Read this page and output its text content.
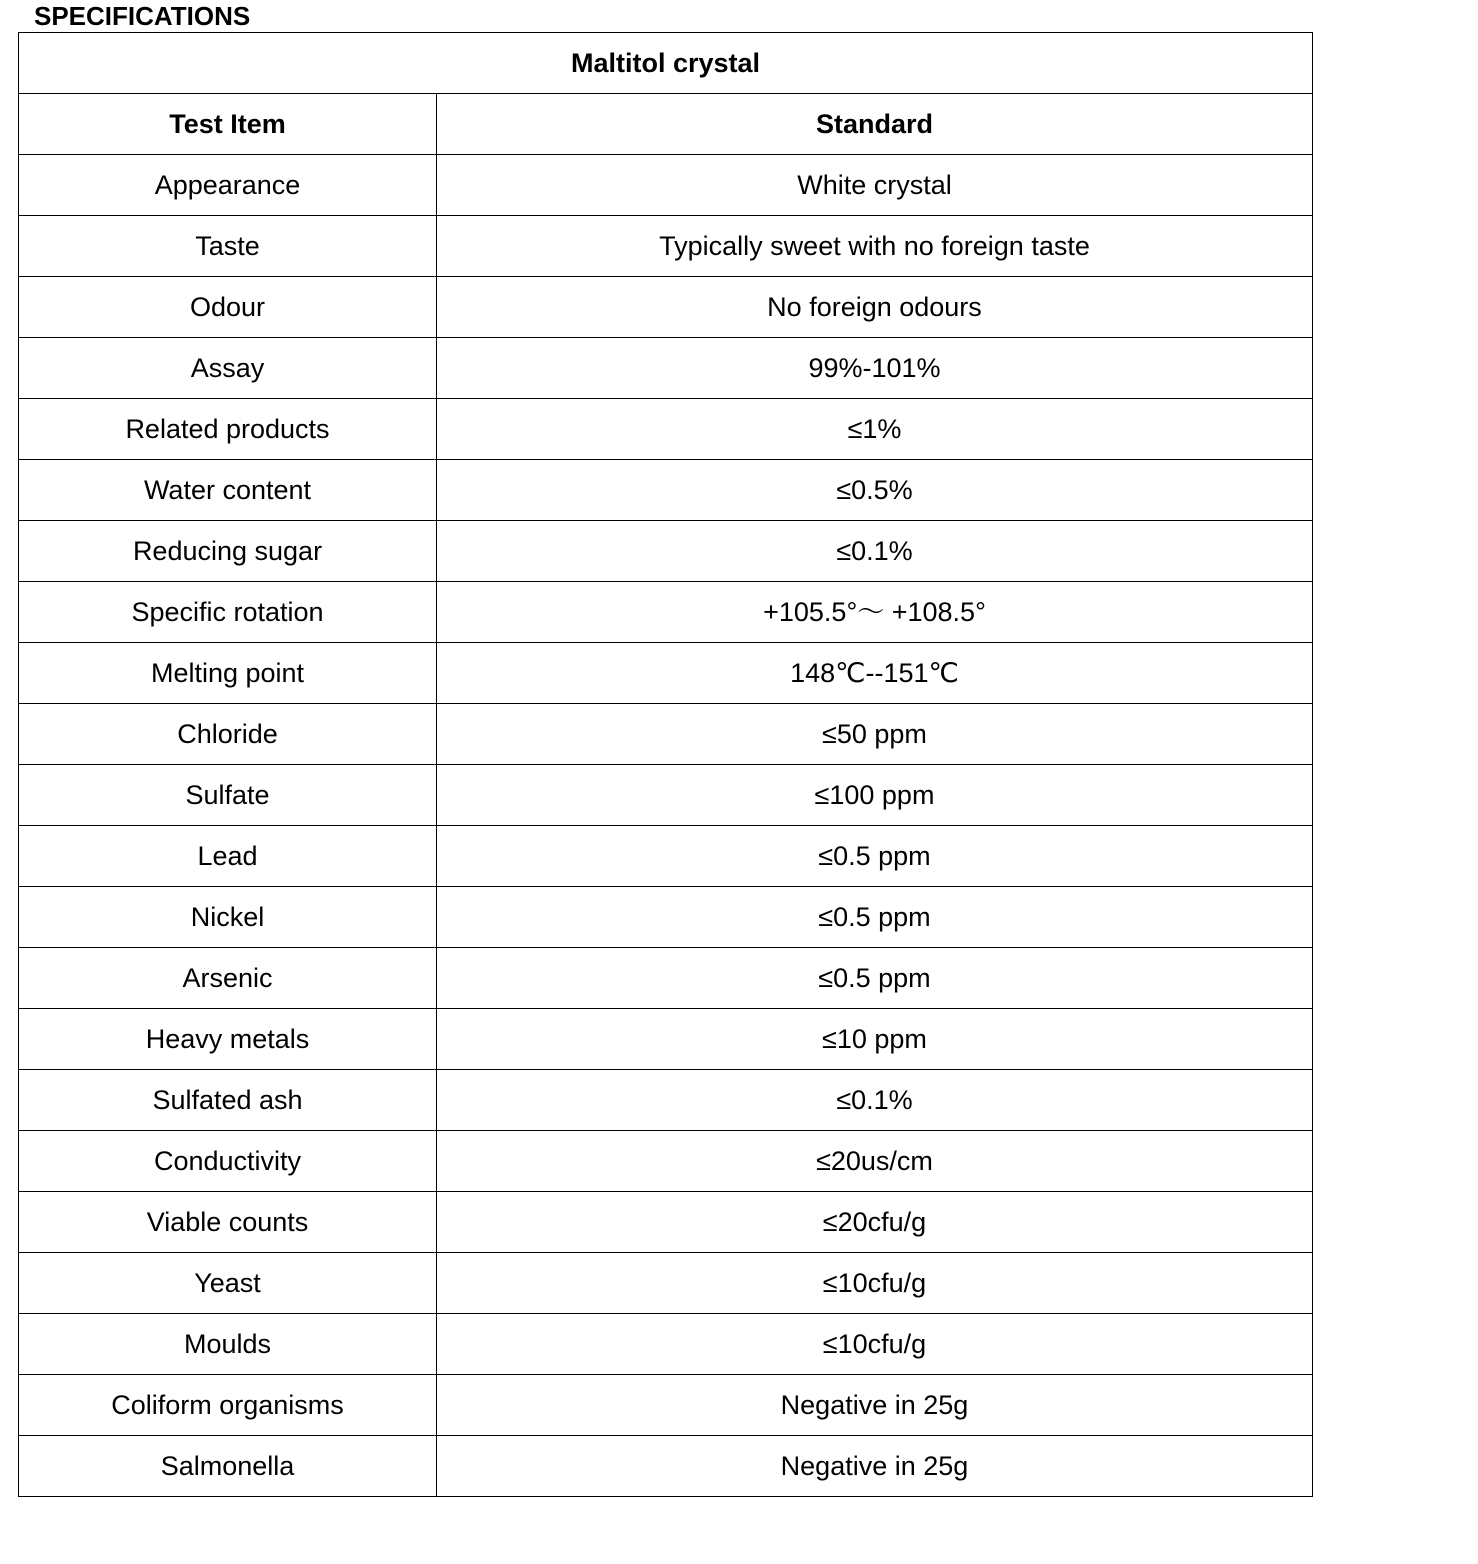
SPECIFICATIONS
Maltitol crystal	
Test Item	Standard
Appearance	White crystal
Taste	Typically sweet with no foreign taste
Odour	No foreign odours
Assay	99%-101%
Related products	≤1%
Water content	≤0.5%
Reducing sugar	≤0.1%
Specific rotation	+105.5°～ +108.5°
Melting point	148℃--151℃
Chloride	≤50 ppm
Sulfate	≤100 ppm
Lead	≤0.5 ppm
Nickel	≤0.5 ppm
Arsenic	≤0.5 ppm
Heavy metals	≤10 ppm
Sulfated ash	≤0.1%
Conductivity	≤20us/cm
Viable counts	≤20cfu/g
Yeast	≤10cfu/g
Moulds	≤10cfu/g
Coliform organisms	Negative in 25g
Salmonella	Negative in 25g
